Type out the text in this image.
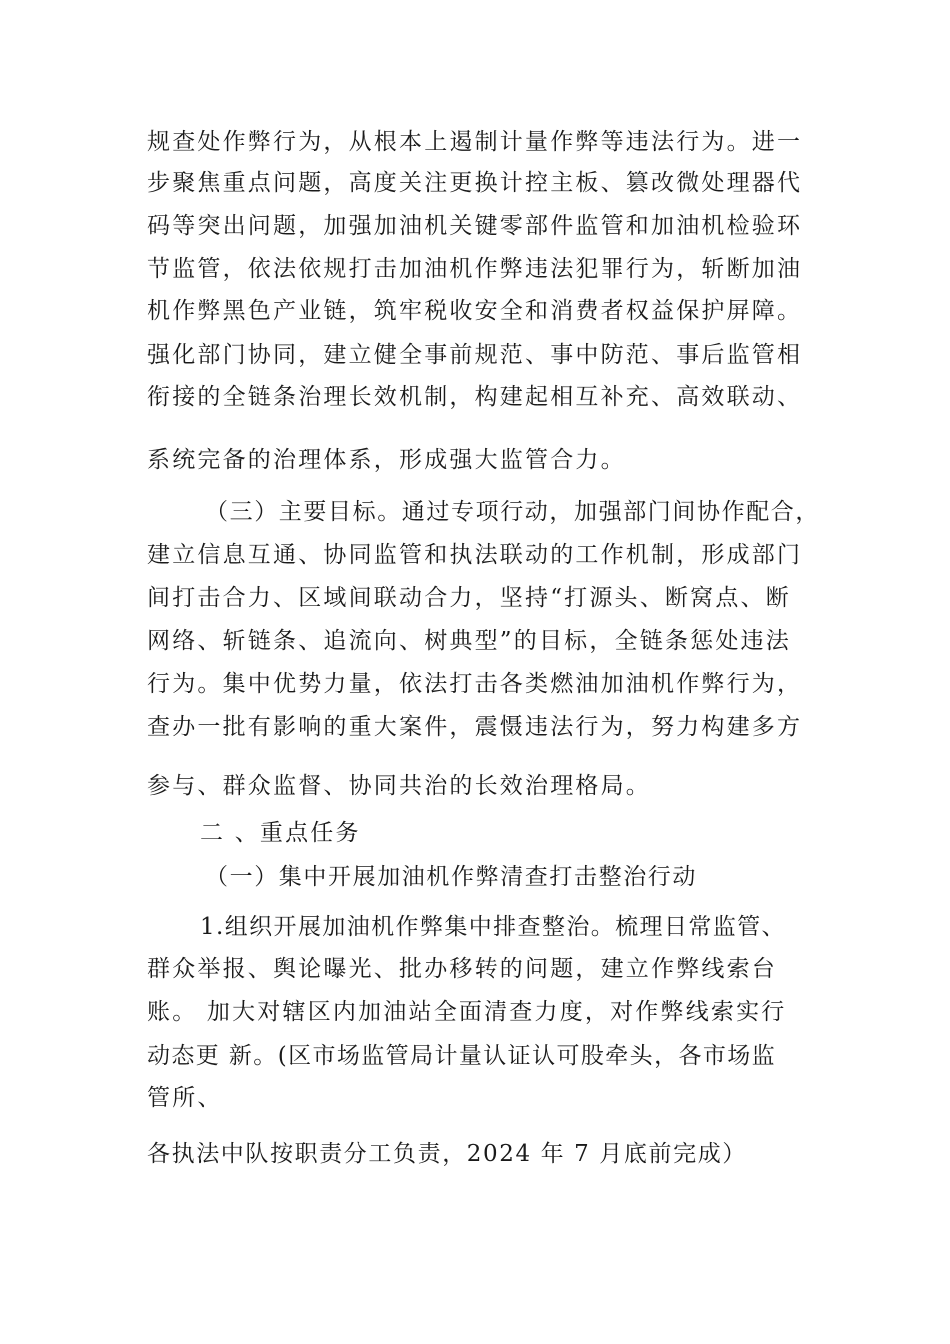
规查处作弊行为，从根本上遏制计量作弊等违法行为。进一
步聚焦重点问题，高度关注更换计控主板、篡改微处理器代
码等突出问题，加强加油机关键零部件监管和加油机检验环
节监管，依法依规打击加油机作弊违法犯罪行为，斩断加油
机作弊黑色产业链，筑牢税收安全和消费者权益保护屏障。
强化部门协同，建立健全事前规范、事中防范、事后监管相
衔接的全链条治理长效机制，构建起相互补充、高效联动、
系统完备的治理体系，形成强大监管合力。
（三）主要目标。通过专项行动，加强部门间协作配合，
建立信息互通、协同监管和执法联动的工作机制，形成部门
间打击合力、区域间联动合力，坚持“打源头、断窝点、断
网络、斩链条、追流向、树典型”的目标，全链条惩处违法
行为。集中优势力量，依法打击各类燃油加油机作弊行为，
查办一批有影响的重大案件，震慑违法行为，努力构建多方
参与、群众监督、协同共治的长效治理格局。
二 、重点任务
（一）集中开展加油机作弊清查打击整治行动
1.组织开展加油机作弊集中排查整治。梳理日常监管、
群众举报、舆论曝光、批办移转的问题，建立作弊线索台
账。 加大对辖区内加油站全面清查力度，对作弊线索实行
动态更 新。(区市场监管局计量认证认可股牵头，各市场监
管所、
各执法中队按职责分工负责，2024 年 7 月底前完成）
